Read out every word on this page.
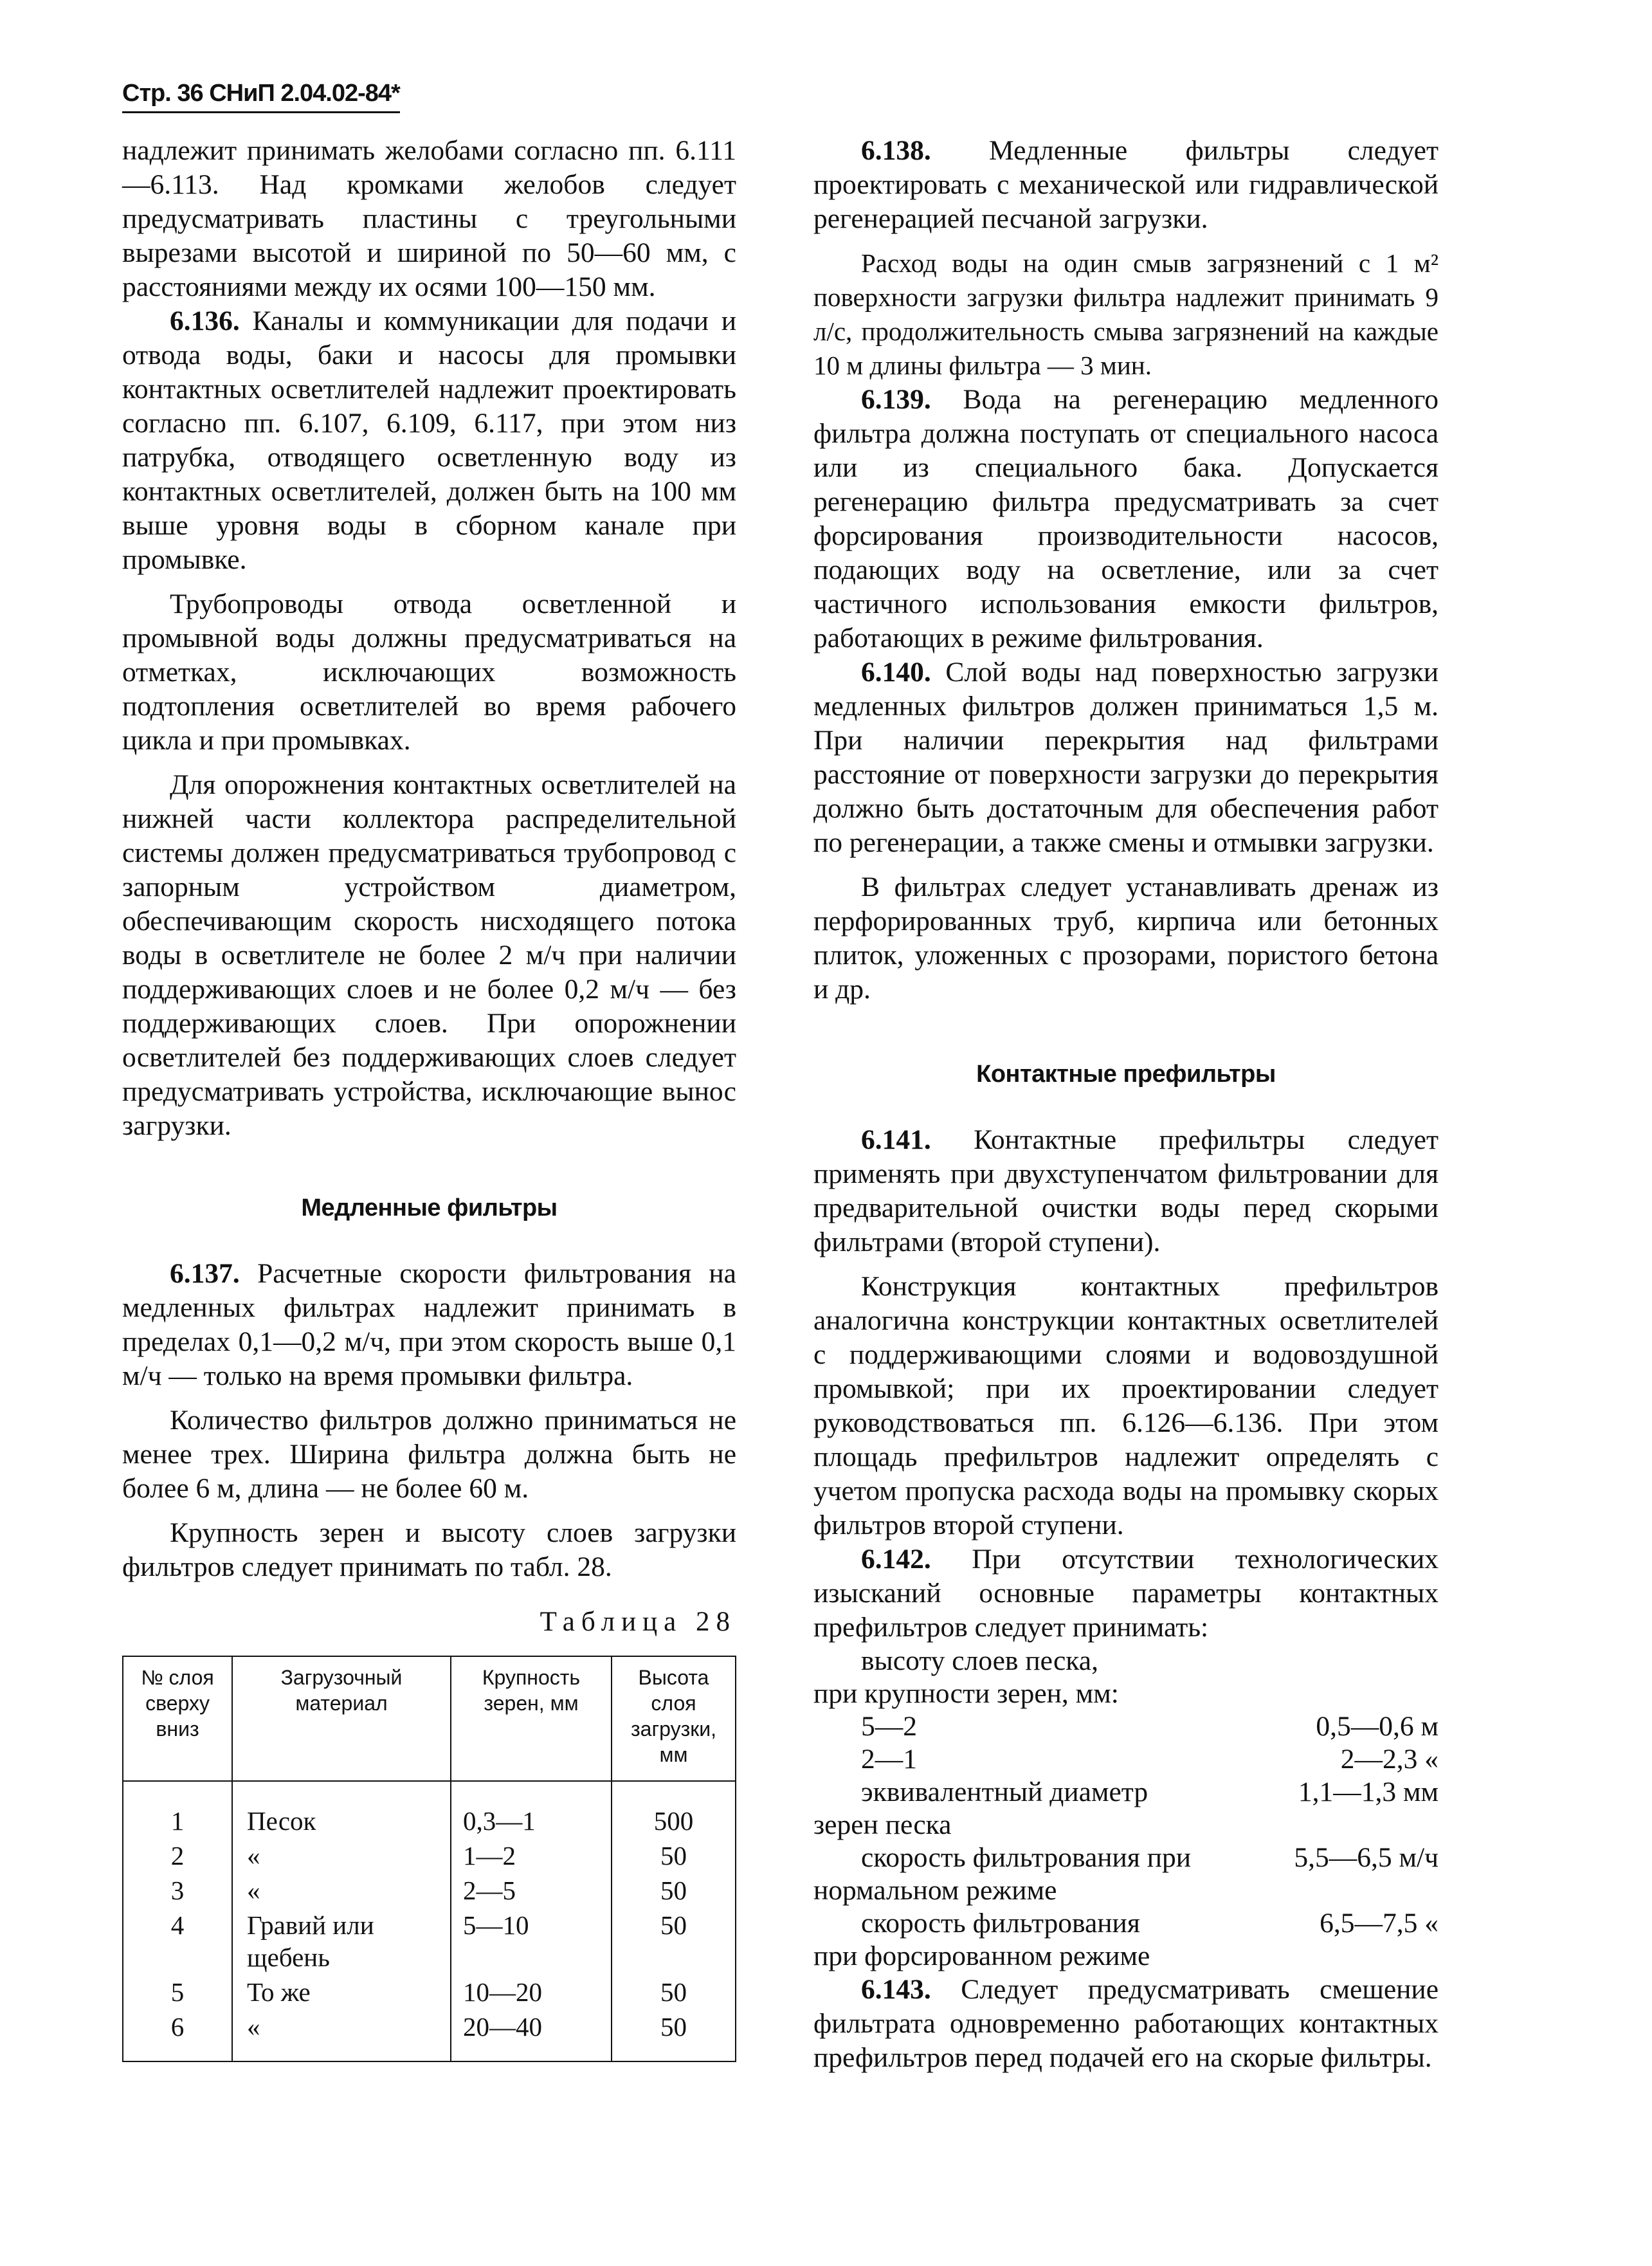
Стр. 36 СНиП 2.04.02-84*

надлежит принимать желобами согласно пп. 6.111—6.113. Над кромками желобов следует предусматривать пластины с треугольными вырезами высотой и шириной по 50—60 мм, с расстояниями между их осями 100—150 мм.

6.136. Каналы и коммуникации для подачи и отвода воды, баки и насосы для промывки контактных осветлителей надлежит проектировать согласно пп. 6.107, 6.109, 6.117, при этом низ патрубка, отводящего осветленную воду из контактных осветлителей, должен быть на 100 мм выше уровня воды в сборном канале при промывке.

Трубопроводы отвода осветленной и промывной воды должны предусматриваться на отметках, исключающих возможность подтопления осветлителей во время рабочего цикла и при промывках.

Для опорожнения контактных осветлителей на нижней части коллектора распределительной системы должен предусматриваться трубопровод с запорным устройством диаметром, обеспечивающим скорость нисходящего потока воды в осветлителе не более 2 м/ч при наличии поддерживающих слоев и не более 0,2 м/ч — без поддерживающих слоев. При опорожнении осветлителей без поддерживающих слоев следует предусматривать устройства, исключающие вынос загрузки.

Медленные фильтры

6.137. Расчетные скорости фильтрования на медленных фильтрах надлежит принимать в пределах 0,1—0,2 м/ч, при этом скорость выше 0,1 м/ч — только на время промывки фильтра.

Количество фильтров должно приниматься не менее трех. Ширина фильтра должна быть не более 6 м, длина — не более 60 м.

Крупность зерен и высоту слоев загрузки фильтров следует принимать по табл. 28.

Таблица 28
№ слоя сверху вниз	Загрузочный материал	Крупность зерен, мм	Высота слоя загрузки, мм
1	Песок	0,3—1	500
2	«	1—2	50
3	«	2—5	50
4	Гравий или щебень	5—10	50
5	То же	10—20	50
6	«	20—40	50

6.138. Медленные фильтры следует проектировать с механической или гидравлической регенерацией песчаной загрузки.

Расход воды на один смыв загрязнений с 1 м² поверхности загрузки фильтра надлежит принимать 9 л/с, продолжительность смыва загрязнений на каждые 10 м длины фильтра — 3 мин.

6.139. Вода на регенерацию медленного фильтра должна поступать от специального насоса или из специального бака. Допускается регенерацию фильтра предусматривать за счет форсирования производительности насосов, подающих воду на осветление, или за счет частичного использования емкости фильтров, работающих в режиме фильтрования.

6.140. Слой воды над поверхностью загрузки медленных фильтров должен приниматься 1,5 м. При наличии перекрытия над фильтрами расстояние от поверхности загрузки до перекрытия должно быть достаточным для обеспечения работ по регенерации, а также смены и отмывки загрузки.

В фильтрах следует устанавливать дренаж из перфорированных труб, кирпича или бетонных плиток, уложенных с прозорами, пористого бетона и др.

Контактные префильтры

6.141. Контактные префильтры следует применять при двухступенчатом фильтровании для предварительной очистки воды перед скорыми фильтрами (второй ступени).

Конструкция контактных префильтров аналогична конструкции контактных осветлителей с поддерживающими слоями и водовоздушной промывкой; при их проектировании следует руководствоваться пп. 6.126—6.136. При этом площадь префильтров надлежит определять с учетом пропуска расхода воды на промывку скорых фильтров второй ступени.

6.142. При отсутствии технологических изысканий основные параметры контактных префильтров следует принимать:

высоту слоев песка,
при крупности зерен, мм:
5—2	0,5—0,6 м
2—1	2—2,3 «
эквивалентный диаметр	1,1—1,3 мм
зерен песка
скорость фильтрования при	5,5—6,5 м/ч
нормальном режиме
скорость фильтрования	6,5—7,5 «
при форсированном режиме

6.143. Следует предусматривать смешение фильтрата одновременно работающих контактных префильтров перед подачей его на скорые фильтры.
